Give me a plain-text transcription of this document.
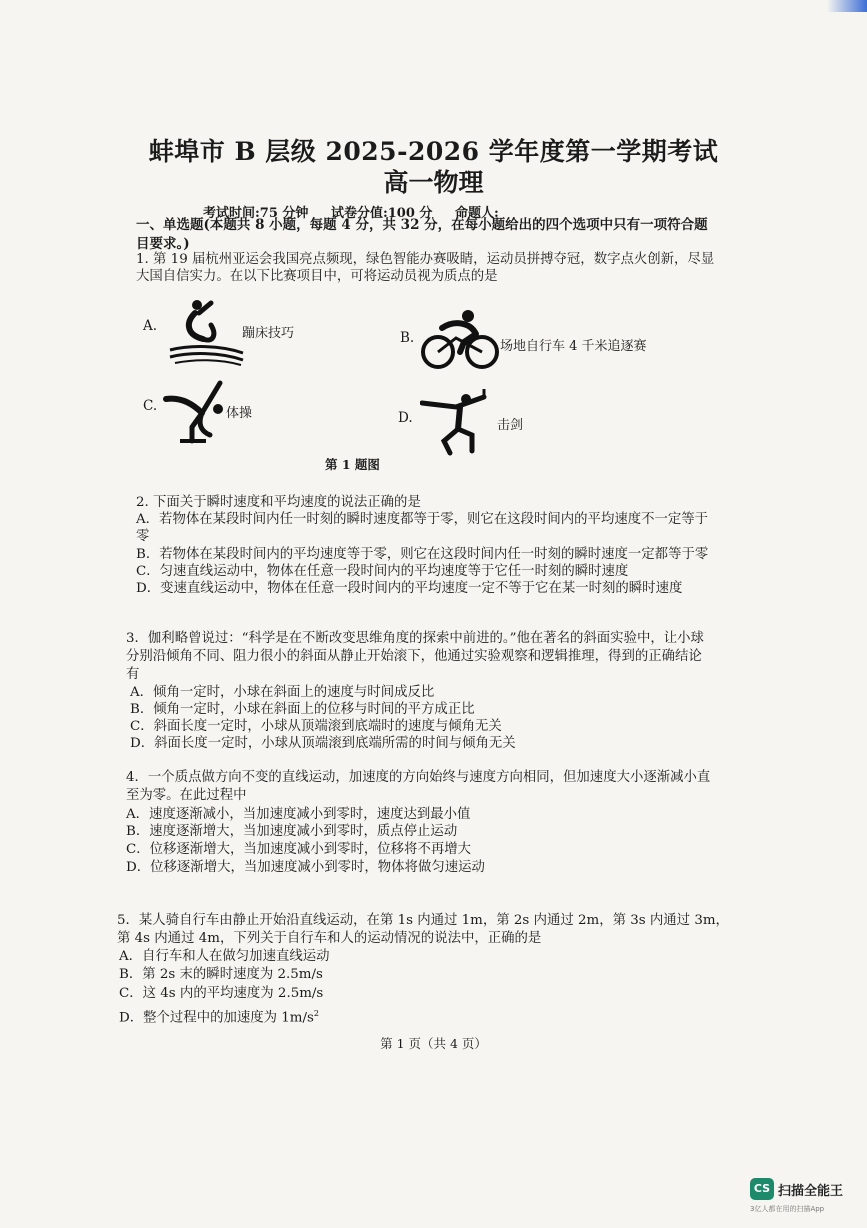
蚌埠市 B 层级 2025-2026 学年度第一学期考试
高一物理
考试时间:75 分钟 试卷分值:100 分 命题人:
一、单选题(本题共 8 小题，每题 4 分，共 32 分，在每小题给出的四个选项中只有一项符合题目要求。)
1. 第 19 届杭州亚运会我国亮点频现，绿色智能办赛吸睛，运动员拼搏夺冠，数字点火创新，尽显
大国自信实力。在以下比赛项目中，可将运动员视为质点的是
A.	蹦床技巧	B.
场地自行车 4 千米追逐赛
C.	体操	D.	击剑
第 1 题图
2. 下面关于瞬时速度和平均速度的说法正确的是
A．若物体在某段时间内任一时刻的瞬时速度都等于零，则它在这段时间内的平均速度不一定等于
零
B．若物体在某段时间内的平均速度等于零，则它在这段时间内任一时刻的瞬时速度一定都等于零
C．匀速直线运动中，物体在任意一段时间内的平均速度等于它任一时刻的瞬时速度
D．变速直线运动中，物体在任意一段时间内的平均速度一定不等于它在某一时刻的瞬时速度
3．伽利略曾说过：“科学是在不断改变思维角度的探索中前进的。”他在著名的斜面实验中，让小球
分别沿倾角不同、阻力很小的斜面从静止开始滚下，他通过实验观察和逻辑推理，得到的正确结论
有
A．倾角一定时，小球在斜面上的速度与时间成反比
B．倾角一定时，小球在斜面上的位移与时间的平方成正比
C．斜面长度一定时，小球从顶端滚到底端时的速度与倾角无关
D．斜面长度一定时，小球从顶端滚到底端所需的时间与倾角无关
4．一个质点做方向不变的直线运动，加速度的方向始终与速度方向相同，但加速度大小逐渐减小直
至为零。在此过程中
A．速度逐渐减小，当加速度减小到零时，速度达到最小值
B．速度逐渐增大，当加速度减小到零时，质点停止运动
C．位移逐渐增大，当加速度减小到零时，位移将不再增大
D．位移逐渐增大，当加速度减小到零时，物体将做匀速运动
5．某人骑自行车由静止开始沿直线运动，在第 1s 内通过 1m，第 2s 内通过 2m，第 3s 内通过 3m，
第 4s 内通过 4m，下列关于自行车和人的运动情况的说法中，正确的是
A．自行车和人在做匀加速直线运动
B．第 2s 末的瞬时速度为 2.5m/s
C．这 4s 内的平均速度为 2.5m/s
D．整个过程中的加速度为 $1m/s^2$
第 1 页（共 4 页）
CS 扫描全能王
3亿人都在用的扫描App
